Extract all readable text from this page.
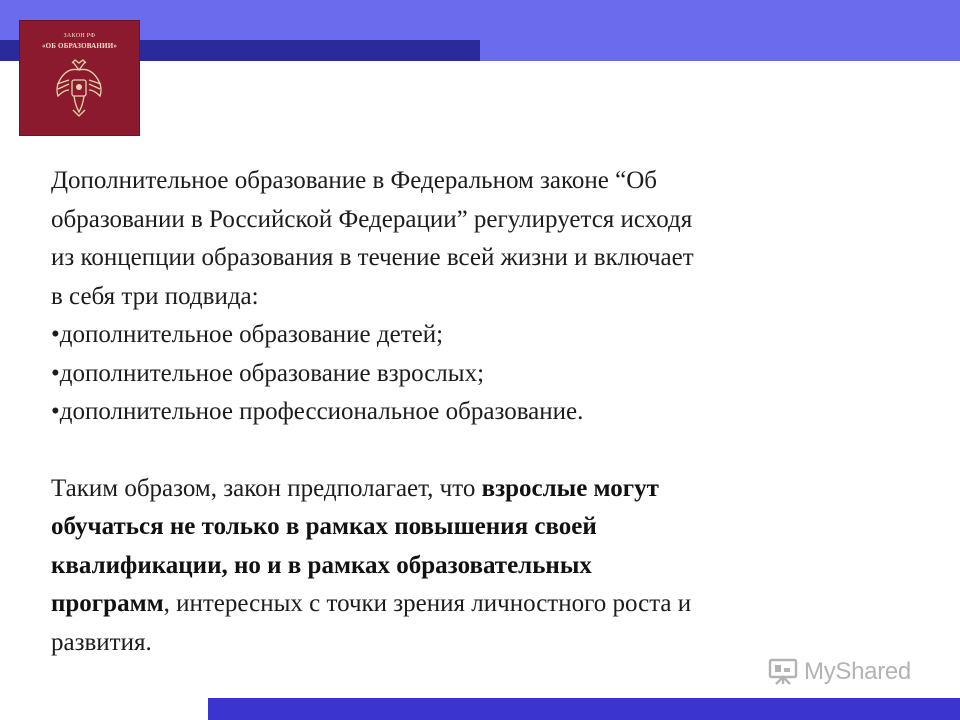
ЗАКОН РФ
«ОБ ОБРАЗОВАНИИ»

Дополнительное образование в Федеральном законе “Об

образовании в Российской Федерации” регулируется исходя

из концепции образования в течение всей жизни и включает

в себя три подвида:

•дополнительное образование детей;

•дополнительное образование взрослых;

•дополнительное профессиональное образование.

Таким образом, закон предполагает, что взрослые могут

обучаться не только в рамках повышения своей

квалификации, но и в рамках образовательных

программ, интересных с точки зрения личностного роста и

развития.

MyShared
